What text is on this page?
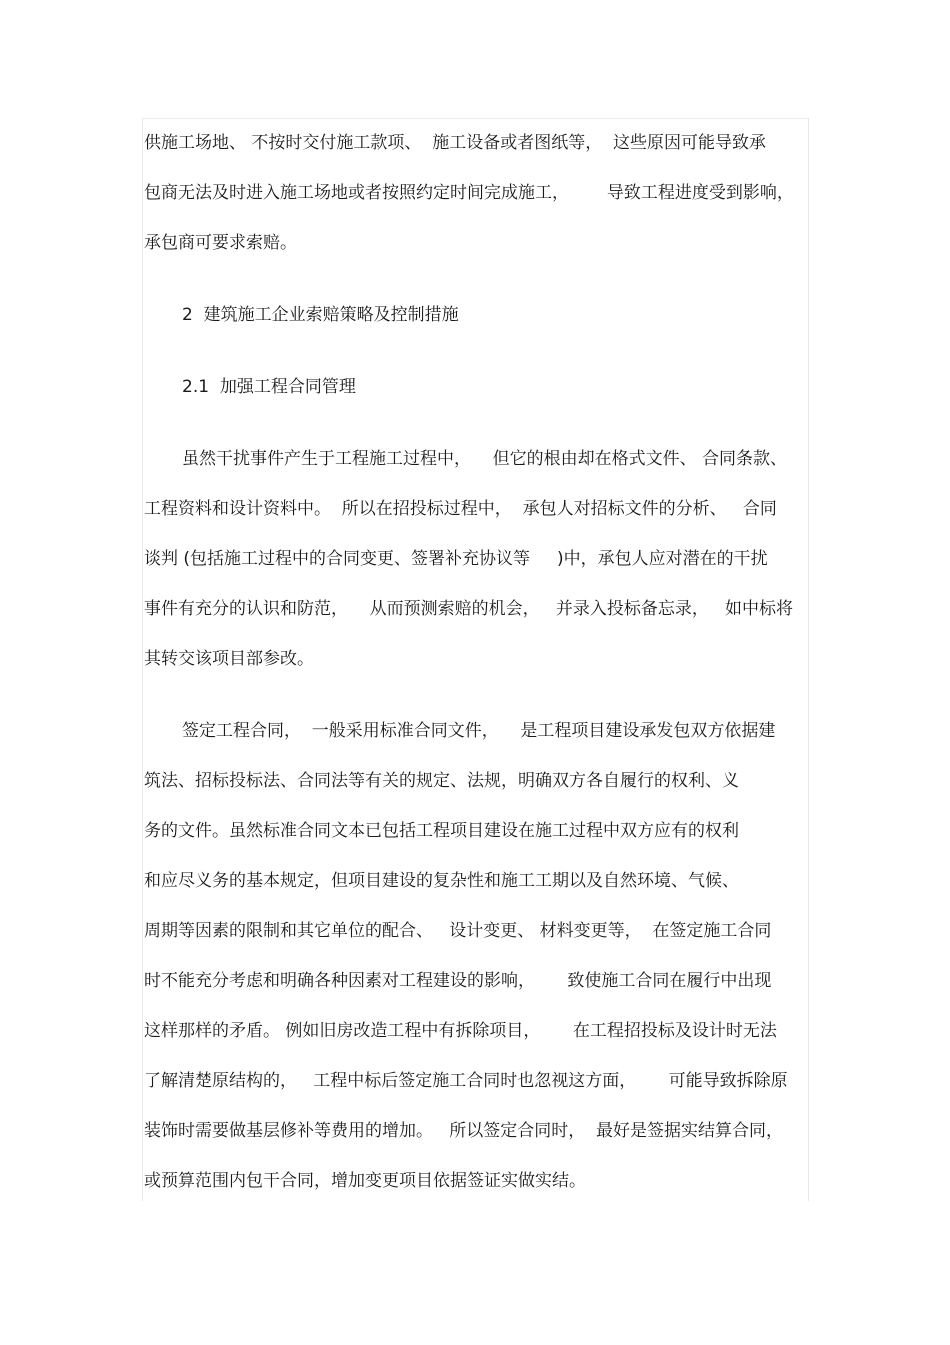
供施工场地、 不按时交付施工款项、  施工设备或者图纸等，  这些原因可能导致承
包商无法及时进入施工场地或者按照约定时间完成施工，       导致工程进度受到影响，
承包商可要求索赔。
2  建筑施工企业索赔策略及控制措施
2.1  加强工程合同管理
虽然干扰事件产生于工程施工过程中，    但它的根由却在格式文件、 合同条款、
工程资料和设计资料中。  所以在招投标过程中，  承包人对招标文件的分析、   合同
谈判 (包括施工过程中的合同变更、签署补充协议等     )中，承包人应对潜在的干扰
事件有充分的认识和防范，    从而预测索赔的机会，   并录入投标备忘录，   如中标将
其转交该项目部参改。
签定工程合同，  一般采用标准合同文件，    是工程项目建设承发包双方依据建
筑法、招标投标法、合同法等有关的规定、法规，明确双方各自履行的权利、义
务的文件。虽然标准合同文本已包括工程项目建设在施工过程中双方应有的权利
和应尽义务的基本规定，但项目建设的复杂性和施工工期以及自然环境、气候、
周期等因素的限制和其它单位的配合、   设计变更、 材料变更等，  在签定施工合同
时不能充分考虑和明确各种因素对工程建设的影响，      致使施工合同在履行中出现
这样那样的矛盾。 例如旧房改造工程中有拆除项目，      在工程招投标及设计时无法
了解清楚原结构的，   工程中标后签定施工合同时也忽视这方面，      可能导致拆除原
装饰时需要做基层修补等费用的增加。   所以签定合同时，  最好是签据实结算合同，
或预算范围内包干合同，增加变更项目依据签证实做实结。
